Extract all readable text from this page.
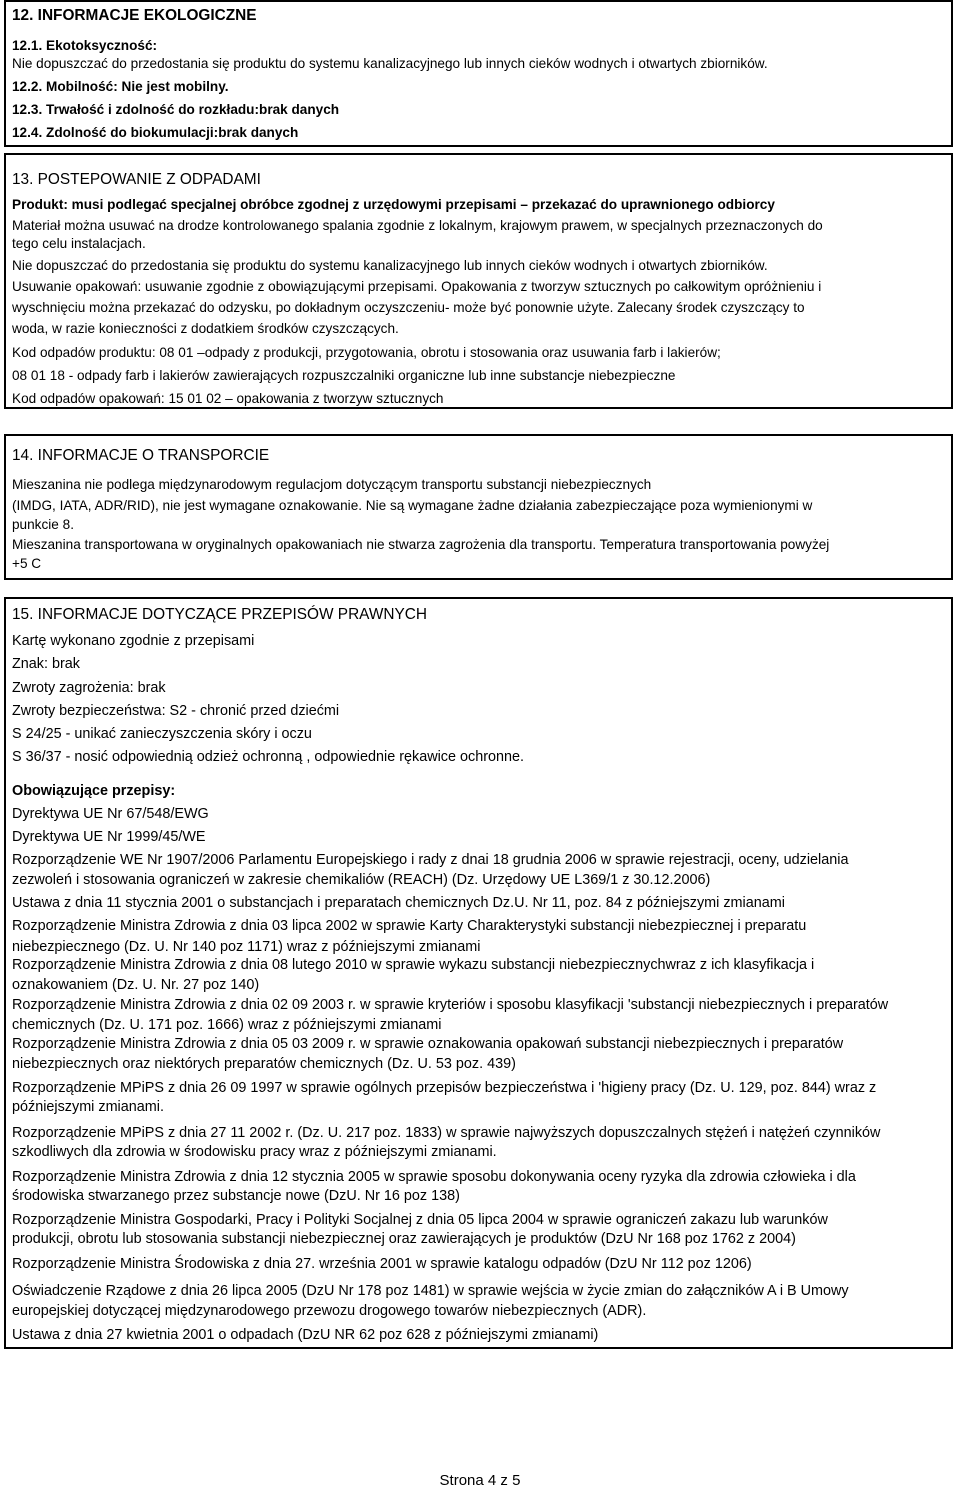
12. INFORMACJE EKOLOGICZNE
12.1. Ekotoksyczność:
Nie dopuszczać do przedostania się produktu do systemu kanalizacyjnego lub innych cieków wodnych i otwartych zbiorników.
12.2. Mobilność: Nie jest mobilny.
12.3. Trwałość i zdolność do rozkładu:brak danych
12.4. Zdolność do biokumulacji:brak danych
13. POSTEPOWANIE Z ODPADAMI
Produkt: musi podlegać specjalnej obróbce zgodnej z urzędowymi przepisami – przekazać do uprawnionego odbiorcy
Materiał można usuwać na drodze kontrolowanego spalania zgodnie z lokalnym, krajowym prawem, w specjalnych przeznaczonych do
tego celu instalacjach.
Nie dopuszczać do przedostania się produktu do systemu kanalizacyjnego lub innych cieków wodnych i otwartych zbiorników.
Usuwanie opakowań: usuwanie zgodnie z obowiązującymi przepisami. Opakowania z tworzyw sztucznych po całkowitym opróżnieniu i
wyschnięciu można przekazać do odzysku, po dokładnym oczyszczeniu- może być ponownie użyte. Zalecany środek czyszczący to
woda, w razie konieczności z dodatkiem środków czyszczących.
Kod odpadów produktu: 08 01 –odpady z produkcji, przygotowania, obrotu i stosowania oraz usuwania farb i lakierów;
08 01 18 - odpady farb i lakierów zawierających rozpuszczalniki organiczne lub inne substancje niebezpieczne
Kod odpadów opakowań: 15 01 02 – opakowania z tworzyw sztucznych
14. INFORMACJE O TRANSPORCIE
Mieszanina nie podlega międzynarodowym regulacjom dotyczącym transportu substancji niebezpiecznych
(IMDG, IATA, ADR/RID), nie jest wymagane oznakowanie. Nie są wymagane żadne działania zabezpieczające poza wymienionymi w
punkcie 8.
Mieszanina transportowana w oryginalnych opakowaniach nie stwarza zagrożenia dla transportu. Temperatura transportowania powyżej
+5 C
15. INFORMACJE DOTYCZĄCE PRZEPISÓW PRAWNYCH
Kartę wykonano zgodnie z przepisami
Znak: brak
Zwroty zagrożenia: brak
Zwroty bezpieczeństwa: S2 - chronić przed dziećmi
S 24/25 - unikać zanieczyszczenia skóry i oczu
S 36/37 - nosić odpowiednią odzież ochronną , odpowiednie rękawice ochronne.
Obowiązujące przepisy:
Dyrektywa UE Nr 67/548/EWG
Dyrektywa UE Nr 1999/45/WE
Rozporządzenie WE Nr 1907/2006 Parlamentu Europejskiego i rady z dnai 18 grudnia 2006 w sprawie rejestracji, oceny, udzielania
zezwoleń i stosowania ograniczeń w zakresie chemikaliów (REACH) (Dz. Urzędowy UE L369/1 z 30.12.2006)
Ustawa z dnia 11 stycznia 2001 o substancjach i preparatach chemicznych Dz.U. Nr 11, poz. 84 z późniejszymi zmianami
Rozporządzenie Ministra Zdrowia z dnia 03 lipca 2002 w sprawie Karty Charakterystyki substancji niebezpiecznej i preparatu
niebezpiecznego (Dz. U. Nr 140 poz 1171) wraz z późniejszymi zmianami
Rozporządzenie Ministra Zdrowia z dnia 08 lutego 2010 w sprawie wykazu substancji niebezpiecznychwraz z ich klasyfikacja i
oznakowaniem (Dz. U. Nr. 27 poz 140)
Rozporządzenie Ministra Zdrowia z dnia 02 09 2003 r. w sprawie kryteriów i sposobu klasyfikacji 'substancji niebezpiecznych i preparatów
chemicznych (Dz. U. 171 poz. 1666) wraz z późniejszymi zmianami
Rozporządzenie Ministra Zdrowia z dnia 05 03 2009 r. w sprawie oznakowania opakowań substancji niebezpiecznych i preparatów
niebezpiecznych oraz niektórych preparatów chemicznych (Dz. U. 53 poz. 439)
Rozporządzenie MPiPS z dnia 26 09 1997 w sprawie ogólnych przepisów bezpieczeństwa i 'higieny pracy (Dz. U. 129, poz. 844) wraz z
późniejszymi zmianami.
Rozporządzenie MPiPS z dnia 27 11 2002 r. (Dz. U. 217 poz. 1833) w sprawie najwyższych dopuszczalnych stężeń i natężeń czynników
szkodliwych dla zdrowia w środowisku pracy wraz z późniejszymi zmianami.
Rozporządzenie Ministra Zdrowia z dnia 12 stycznia 2005 w sprawie sposobu dokonywania oceny ryzyka dla zdrowia człowieka i dla
środowiska stwarzanego przez substancje nowe (DzU. Nr 16 poz 138)
Rozporządzenie Ministra Gospodarki, Pracy i Polityki Socjalnej z dnia 05 lipca 2004 w sprawie ograniczeń zakazu lub warunków
produkcji, obrotu lub stosowania substancji niebezpiecznej oraz zawierających je produktów (DzU Nr 168 poz 1762 z 2004)
Rozporządzenie Ministra Środowiska z dnia 27. września 2001 w sprawie katalogu odpadów (DzU Nr 112 poz 1206)
Oświadczenie Rządowe z dnia 26 lipca 2005 (DzU Nr 178 poz 1481) w sprawie wejścia w życie zmian do załączników A i B Umowy
europejskiej dotyczącej międzynarodowego przewozu drogowego towarów niebezpiecznych (ADR).
Ustawa z dnia 27 kwietnia 2001 o odpadach (DzU NR 62 poz 628 z późniejszymi zmianami)
Strona 4 z 5
